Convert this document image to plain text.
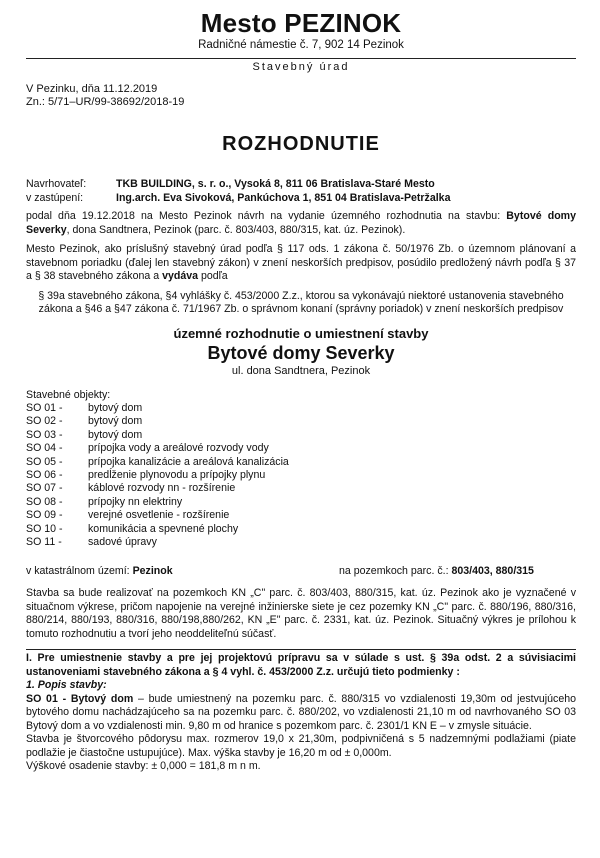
Mesto PEZINOK
Radničné námestie č. 7, 902 14 Pezinok
Stavebný úrad
V Pezinku, dňa 11.12.2019
Zn.: 5/71–UR/99-38692/2018-19
ROZHODNUTIE
Navrhovateľ:	TKB BUILDING, s. r. o., Vysoká 8, 811 06 Bratislava-Staré Mesto
v zastúpení:	Ing.arch. Eva Sivoková, Pankúchova 1, 851 04 Bratislava-Petržalka

podal dňa 19.12.2018 na Mesto Pezinok návrh na vydanie územného rozhodnutia na stavbu: Bytové domy Severky, dona Sandtnera, Pezinok (parc. č. 803/403, 880/315, kat. úz. Pezinok).

Mesto Pezinok, ako príslušný stavebný úrad podľa § 117 ods. 1 zákona č. 50/1976 Zb. o územnom plánovaní a stavebnom poriadku (ďalej len stavebný zákon) v znení neskorších predpisov, posúdilo predložený návrh podľa § 37 a § 38 stavebného zákona a vydáva podľa

§ 39a stavebného zákona, §4 vyhlášky č. 453/2000 Z.z., ktorou sa vykonávajú niektoré ustanovenia stavebného zákona a §46 a §47 zákona č. 71/1967 Zb. o správnom konaní (správny poriadok) v znení neskorších predpisov
územné rozhodnutie o umiestnení stavby
Bytové domy Severky
ul. dona Sandtnera, Pezinok
Stavebné objekty:
SO 01 -	bytový dom
SO 02 -	bytový dom
SO 03 -	bytový dom
SO 04 -	prípojka vody a areálové rozvody vody
SO 05 -	prípojka kanalizácie a areálová kanalizácia
SO 06 -	predĺženie plynovodu a prípojky plynu
SO 07 -	káblové rozvody nn - rozšírenie
SO 08 -	prípojky nn elektriny
SO 09 -	verejné osvetlenie - rozšírenie
SO 10 -	komunikácia a spevnené plochy
SO 11 -	sadové úpravy
v katastrálnom území: Pezinok	na pozemkoch parc. č.: 803/403, 880/315

Stavba sa bude realizovať na pozemkoch KN „C" parc. č. 803/403, 880/315, kat. úz. Pezinok ako je vyznačené v situačnom výkrese, pričom napojenie na verejné inžinierske siete je cez pozemky KN „C" parc. č. 880/196, 880/316, 880/214, 880/193, 880/316, 880/198,880/262, KN „E" parc. č. 2331, kat. úz. Pezinok. Situačný výkres je prílohou k tomuto rozhodnutiu a tvorí jeho neoddeliteľnú súčasť.

I. Pre umiestnenie stavby a pre jej projektovú prípravu sa v súlade s ust. § 39a odst. 2 a súvisiacimi ustanoveniami stavebného zákona a § 4 vyhl. č. 453/2000 Z.z. určujú tieto podmienky :
1. Popis stavby:

SO 01 - Bytový dom – bude umiestnený na pozemku parc. č. 880/315 vo vzdialenosti 19,30m od jestvujúceho bytového domu nachádzajúceho sa na pozemku parc. č. 880/202, vo vzdialenosti 21,10 m od navrhovaného SO 03 Bytový dom a vo vzdialenosti min. 9,80 m od hranice s pozemkom parc. č. 2301/1 KN E – v zmysle situácie.

Stavba je štvorcového pôdorysu max. rozmerov 19,0 x 21,30m, podpivničená s 5 nadzemnými podlažiami (piate podlažie je čiastočne ustupujúce). Max. výška stavby je 16,20 m od ± 0,000m.

Výškové osadenie stavby: ± 0,000 = 181,8 m n m.
